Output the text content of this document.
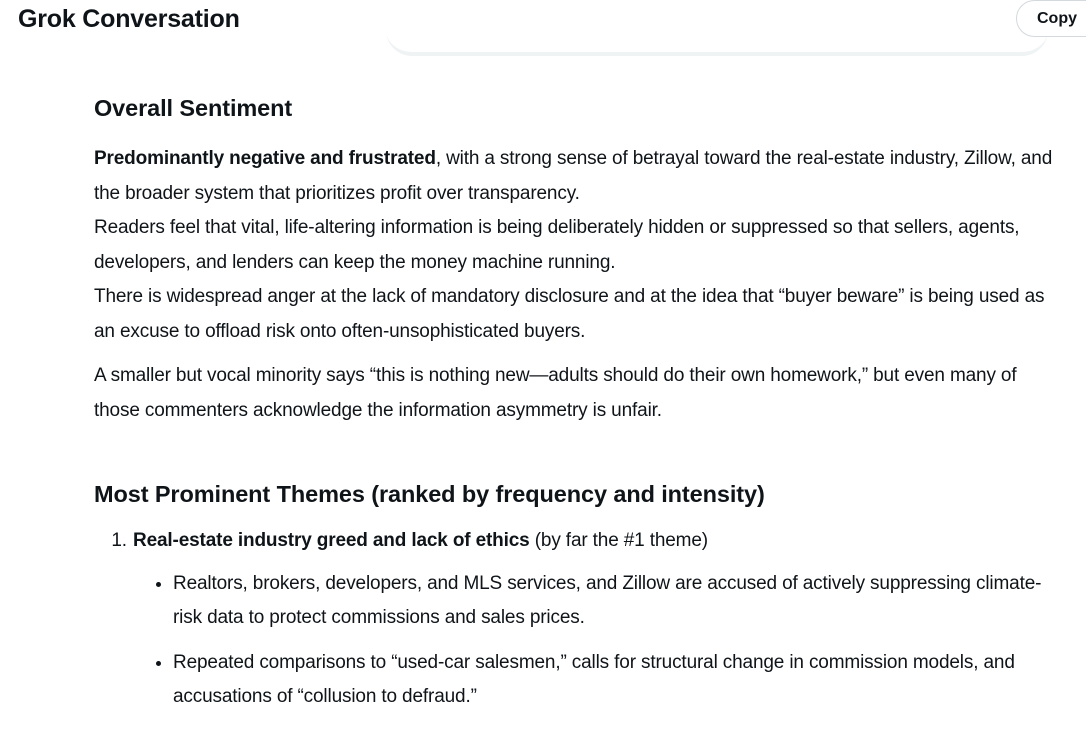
Grok Conversation	Copy
Overall Sentiment

Predominantly negative and frustrated, with a strong sense of betrayal toward the real-estate industry, Zillow, and the broader system that prioritizes profit over transparency.
Readers feel that vital, life-altering information is being deliberately hidden or suppressed so that sellers, agents, developers, and lenders can keep the money machine running.
There is widespread anger at the lack of mandatory disclosure and at the idea that “buyer beware” is being used as an excuse to offload risk onto often-unsophisticated buyers.

A smaller but vocal minority says “this is nothing new—adults should do their own homework,” but even many of those commenters acknowledge the information asymmetry is unfair.

Most Prominent Themes (ranked by frequency and intensity)
1. Real-estate industry greed and lack of ethics (by far the #1 theme)
• Realtors, brokers, developers, and MLS services, and Zillow are accused of actively suppressing climate-risk data to protect commissions and sales prices.
• Repeated comparisons to “used-car salesmen,” calls for structural change in commission models, and accusations of “collusion to defraud.”
